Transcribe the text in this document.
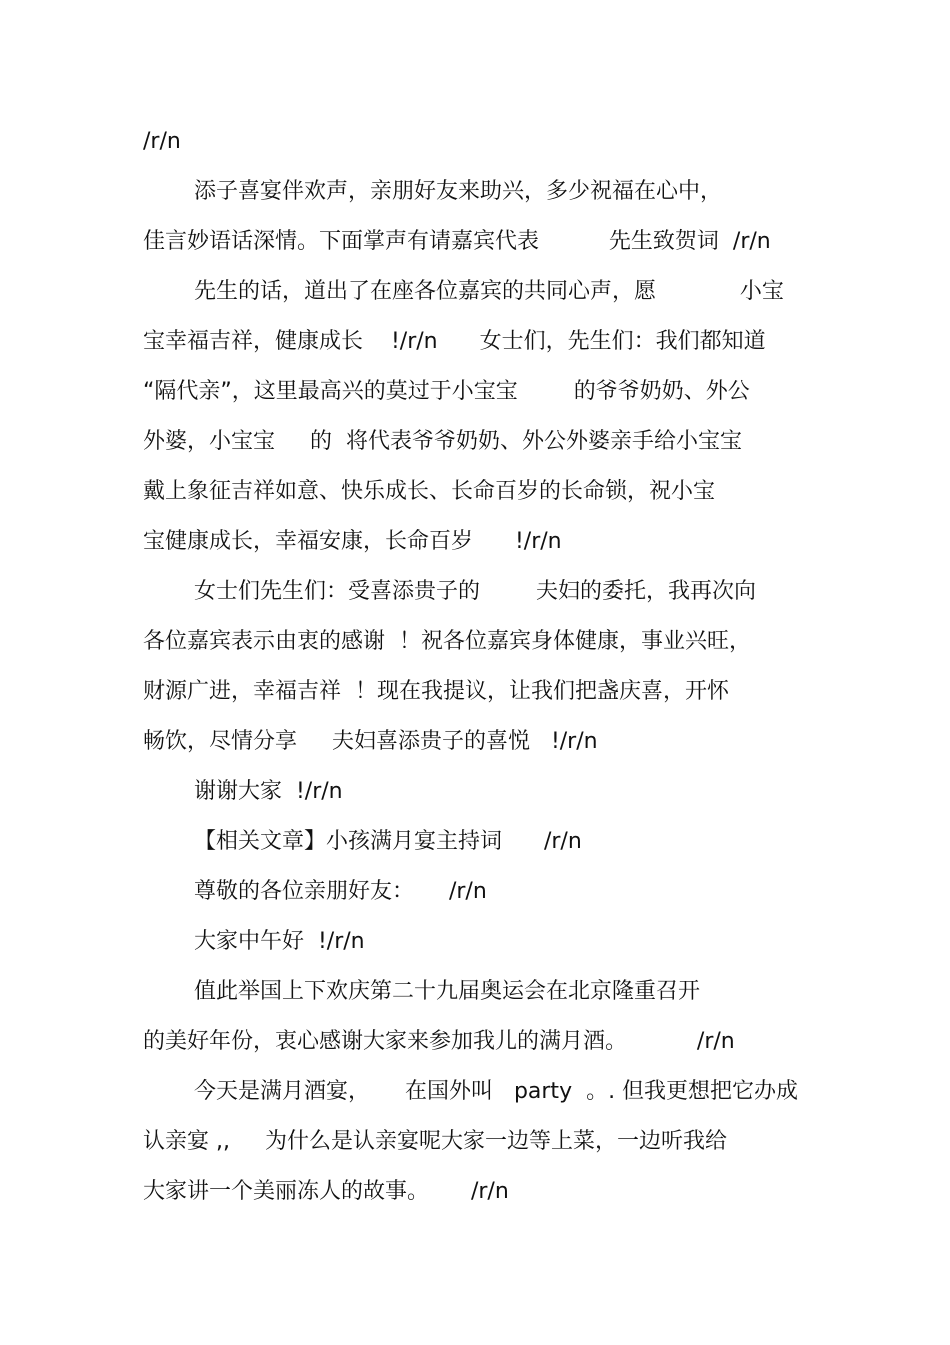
/r/n
添子喜宴伴欢声，亲朋好友来助兴，多少祝福在心中，
佳言妙语话深情。下面掌声有请嘉宾代表          先生致贺词  /r/n
先生的话，道出了在座各位嘉宾的共同心声，愿            小宝
宝幸福吉祥，健康成长    !/r/n      女士们，先生们：我们都知道
“隔代亲”，这里最高兴的莫过于小宝宝        的爷爷奶奶、外公
外婆，小宝宝     的  将代表爷爷奶奶、外公外婆亲手给小宝宝
戴上象征吉祥如意、快乐成长、长命百岁的长命锁，祝小宝
宝健康成长，幸福安康，长命百岁      !/r/n
女士们先生们：受喜添贵子的        夫妇的委托，我再次向
各位嘉宾表示由衷的感谢  ！祝各位嘉宾身体健康，事业兴旺，
财源广进，幸福吉祥  ！现在我提议，让我们把盏庆喜，开怀
畅饮，尽情分享     夫妇喜添贵子的喜悦   !/r/n
谢谢大家  !/r/n
【相关文章】小孩满月宴主持词      /r/n
尊敬的各位亲朋好友：     /r/n
大家中午好  !/r/n
值此举国上下欢庆第二十九届奥运会在北京隆重召开
的美好年份，衷心感谢大家来参加我儿的满月酒。          /r/n
今天是满月酒宴，     在国外叫   party  。. 但我更想把它办成
认亲宴 ,,     为什么是认亲宴呢大家一边等上菜，一边听我给
大家讲一个美丽冻人的故事。      /r/n
